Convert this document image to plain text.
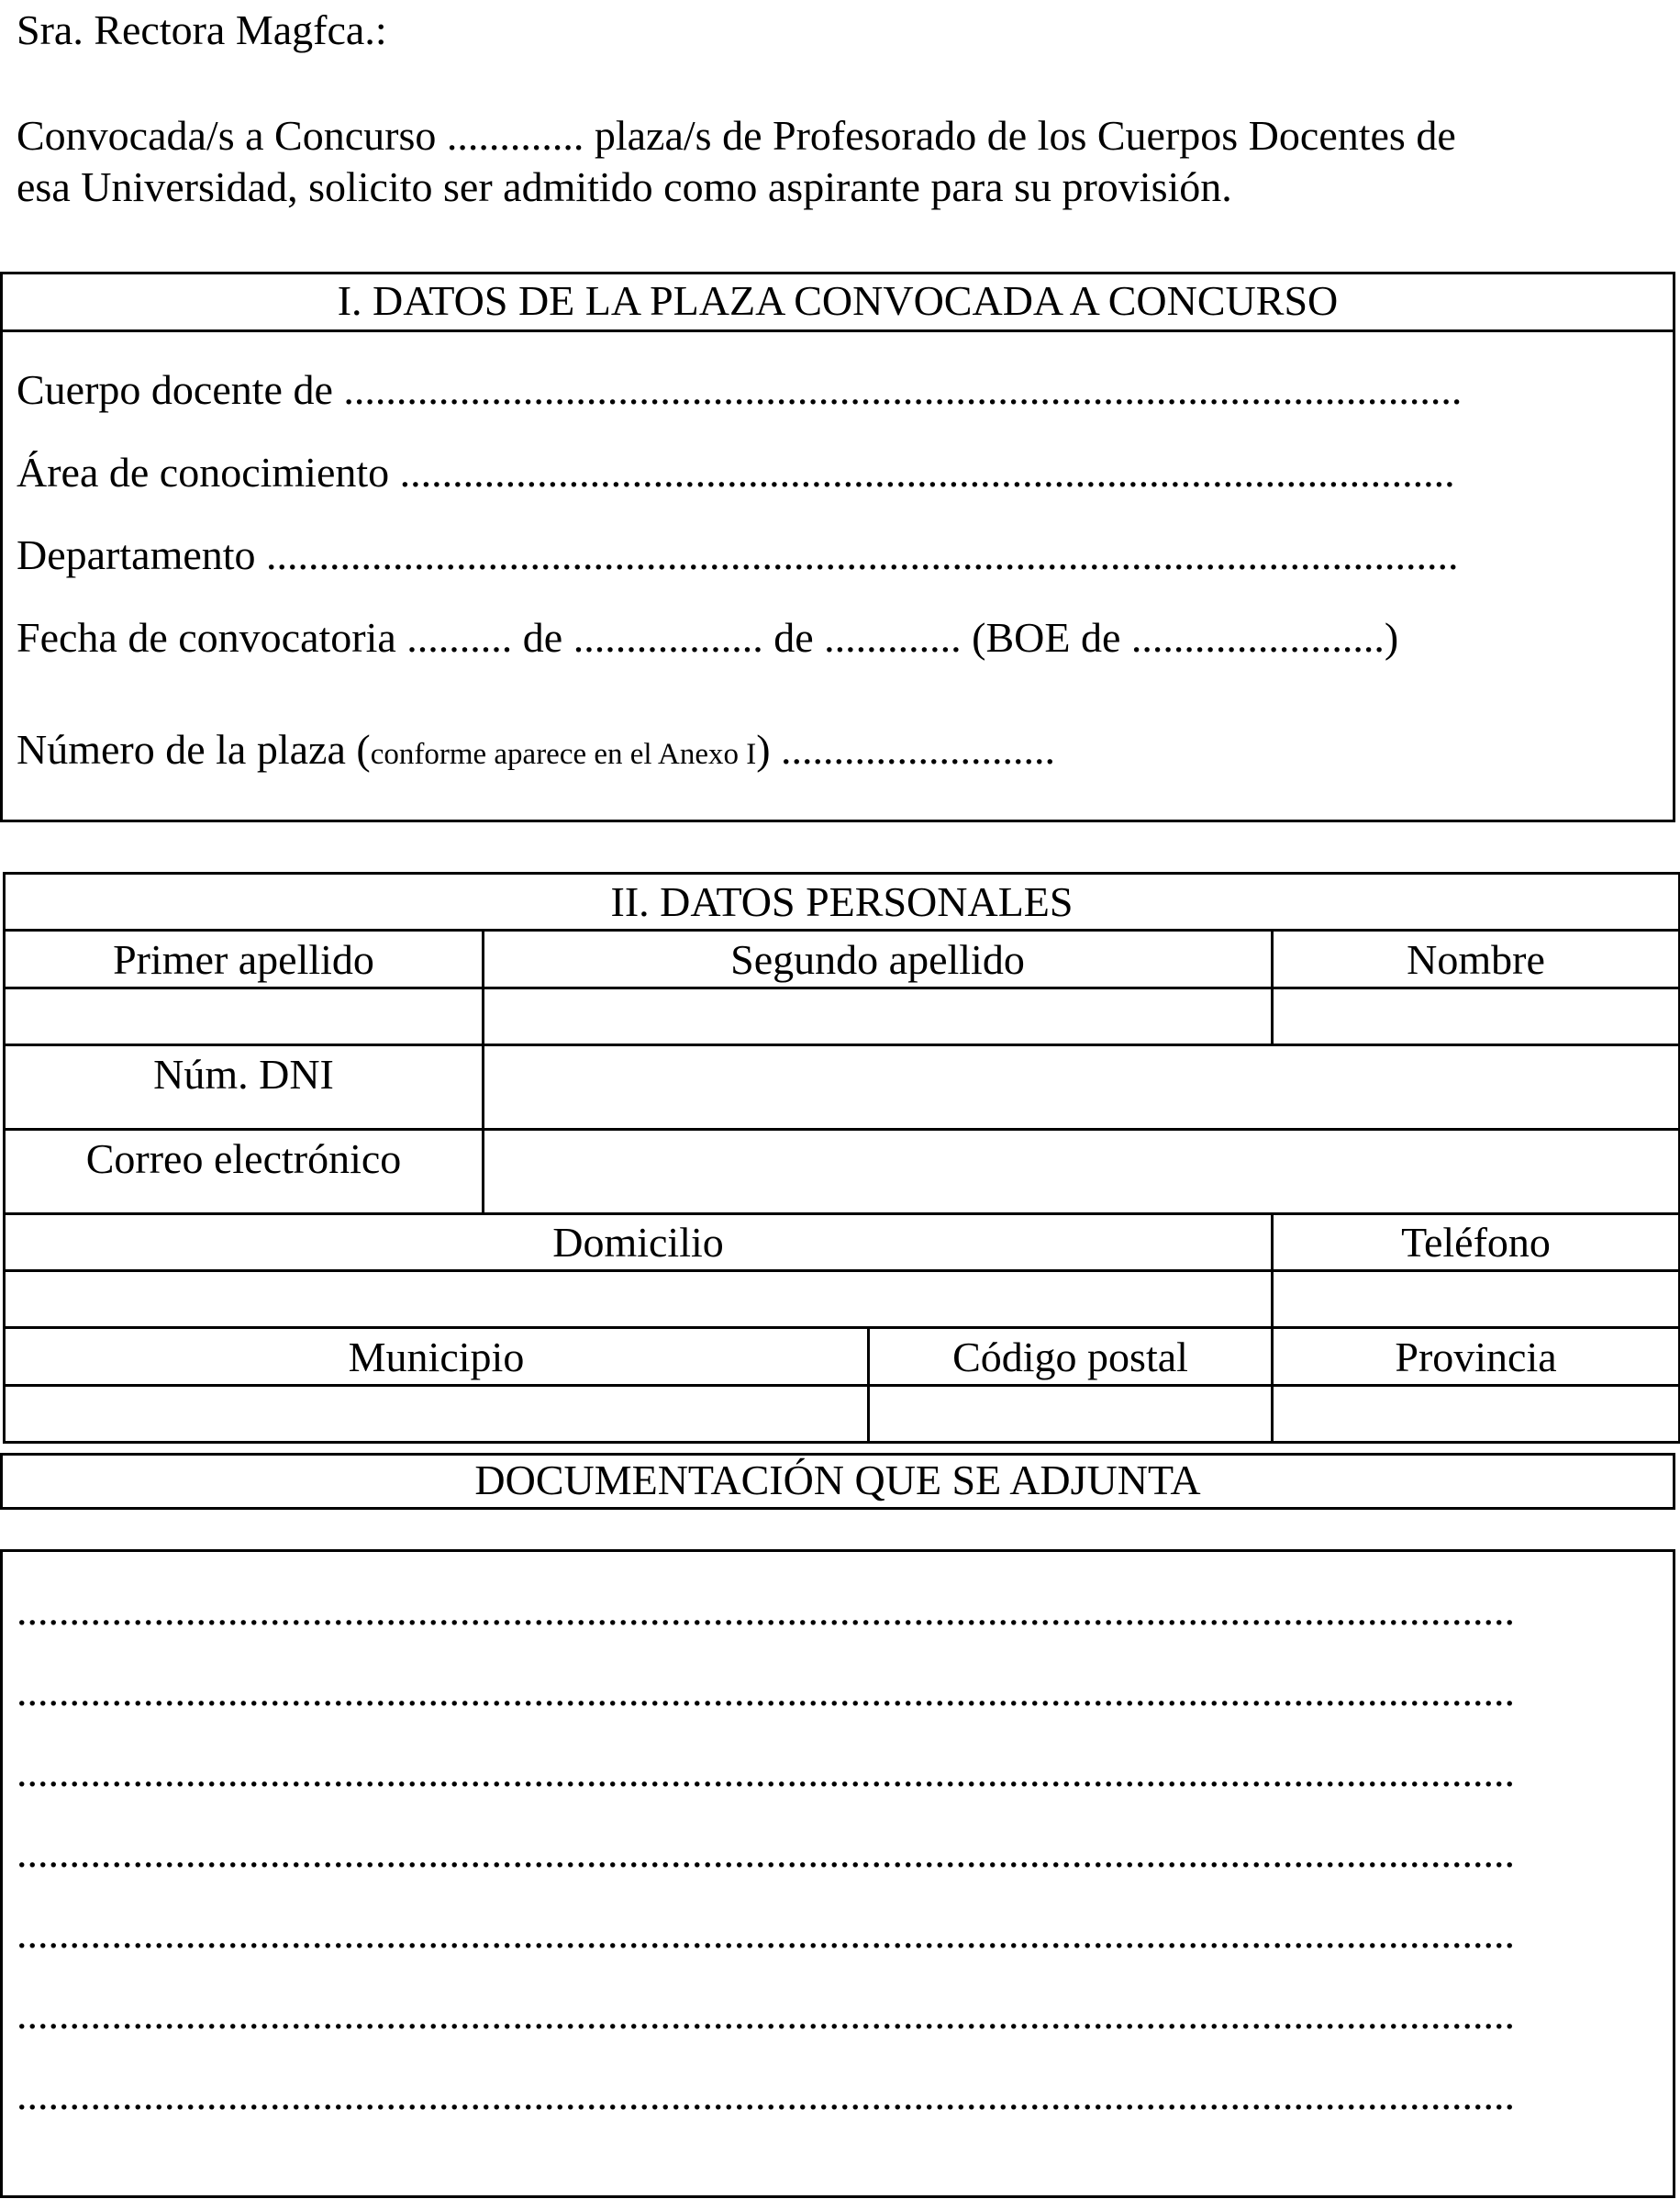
Sra. Rectora Magfca.:
Convocada/s a Concurso ............. plaza/s de Profesorado de los Cuerpos Docentes de
esa Universidad, solicito ser admitido como aspirante para su provisión.
I. DATOS DE LA PLAZA CONVOCADA A CONCURSO
Cuerpo docente de ..........................................................................................................
Área de conocimiento ....................................................................................................
Departamento .................................................................................................................
Fecha de convocatoria .......... de .................. de ............. (BOE de ........................)
Número de la plaza (conforme aparece en el Anexo I) ..........................
II. DATOS PERSONALES			
Primer apellido	Segundo apellido		Nombre

Núm. DNI			
Correo electrónico			
Domicilio			Teléfono

Municipio		Código postal	Provincia

DOCUMENTACIÓN QUE SE ADJUNTA
..............................................................................................................................................
..............................................................................................................................................
..............................................................................................................................................
..............................................................................................................................................
..............................................................................................................................................
..............................................................................................................................................
..............................................................................................................................................
